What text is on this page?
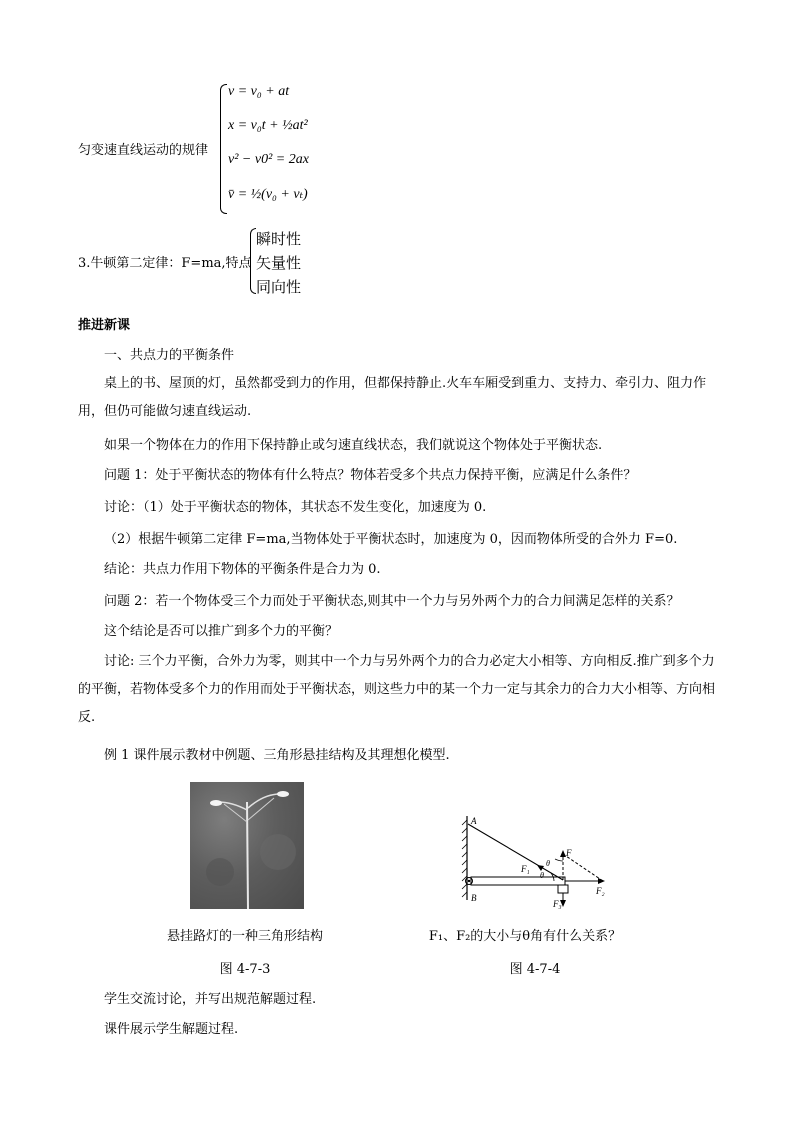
匀变速直线运动的规律
v = v₀ + at
x = v₀t + ½at²
v² − v0² = 2ax
v̄ = ½(v₀ + vₜ)
3.牛顿第二定律：F=ma,特点
瞬时性
矢量性
同向性
推进新课
一、共点力的平衡条件
桌上的书、屋顶的灯，虽然都受到力的作用，但都保持静止.火车车厢受到重力、支持力、牵引力、阻力作用，但仍可能做匀速直线运动.
如果一个物体在力的作用下保持静止或匀速直线状态，我们就说这个物体处于平衡状态.
问题 1：处于平衡状态的物体有什么特点？物体若受多个共点力保持平衡，应满足什么条件？
讨论：（1）处于平衡状态的物体，其状态不发生变化，加速度为 0.
（2）根据牛顿第二定律 F=ma,当物体处于平衡状态时，加速度为 0，因而物体所受的合外力 F=0.
结论：共点力作用下物体的平衡条件是合力为 0.
问题 2：若一个物体受三个力而处于平衡状态,则其中一个力与另外两个力的合力间满足怎样的关系？
这个结论是否可以推广到多个力的平衡？
讨论: 三个力平衡，合外力为零，则其中一个力与另外两个力的合力必定大小相等、方向相反.推广到多个力的平衡，若物体受多个力的作用而处于平衡状态，则这些力中的某一个力一定与其余力的合力大小相等、方向相反.
例 1 课件展示教材中例题、三角形悬挂结构及其理想化模型.
悬挂路灯的一种三角形结构
图 4-7-3
A
B
F
F₁
F₂
F₃
θ
θ
F₁、F₂的大小与θ角有什么关系？
图 4-7-4
学生交流讨论，并写出规范解题过程.
课件展示学生解题过程.
